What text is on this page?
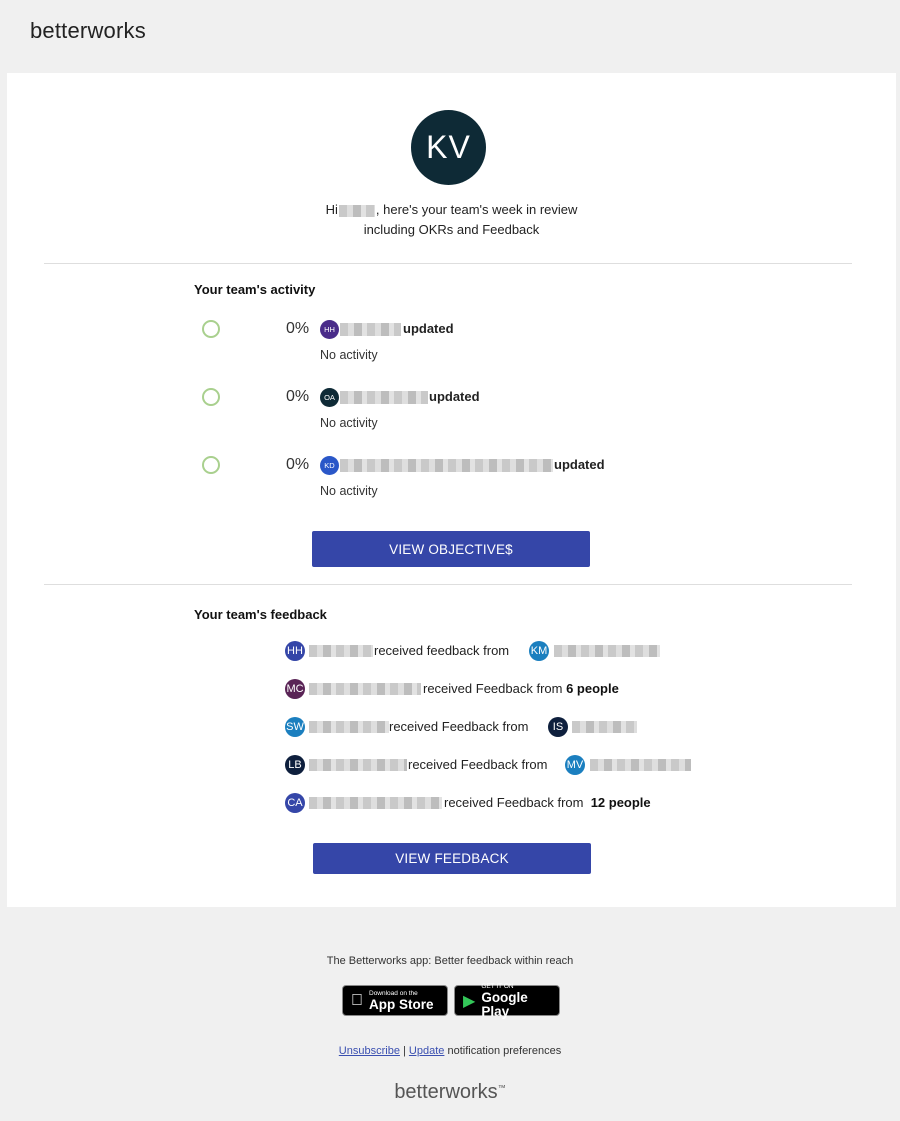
betterworks
KV
Hi	, here's your team's week in review
including OKRs and Feedback
Your team's activity
0%	HH	updated
No activity
0%	OA	updated
No activity
0%	KD	updated
No activity
VIEW OBJECTIVE$
Your team's feedback
HH	received feedback from KM
MC	received Feedback from 6 people
SW	received Feedback from	IS
LB	received Feedback from MV
CA	received Feedback from 12 people
VIEW FEEDBACK
The Betterworks app: Better feedback within reach
Download on the
App Store	▶
GET IT ON
Google Play
Unsubscribe | Update notification preferences
betterworks™
